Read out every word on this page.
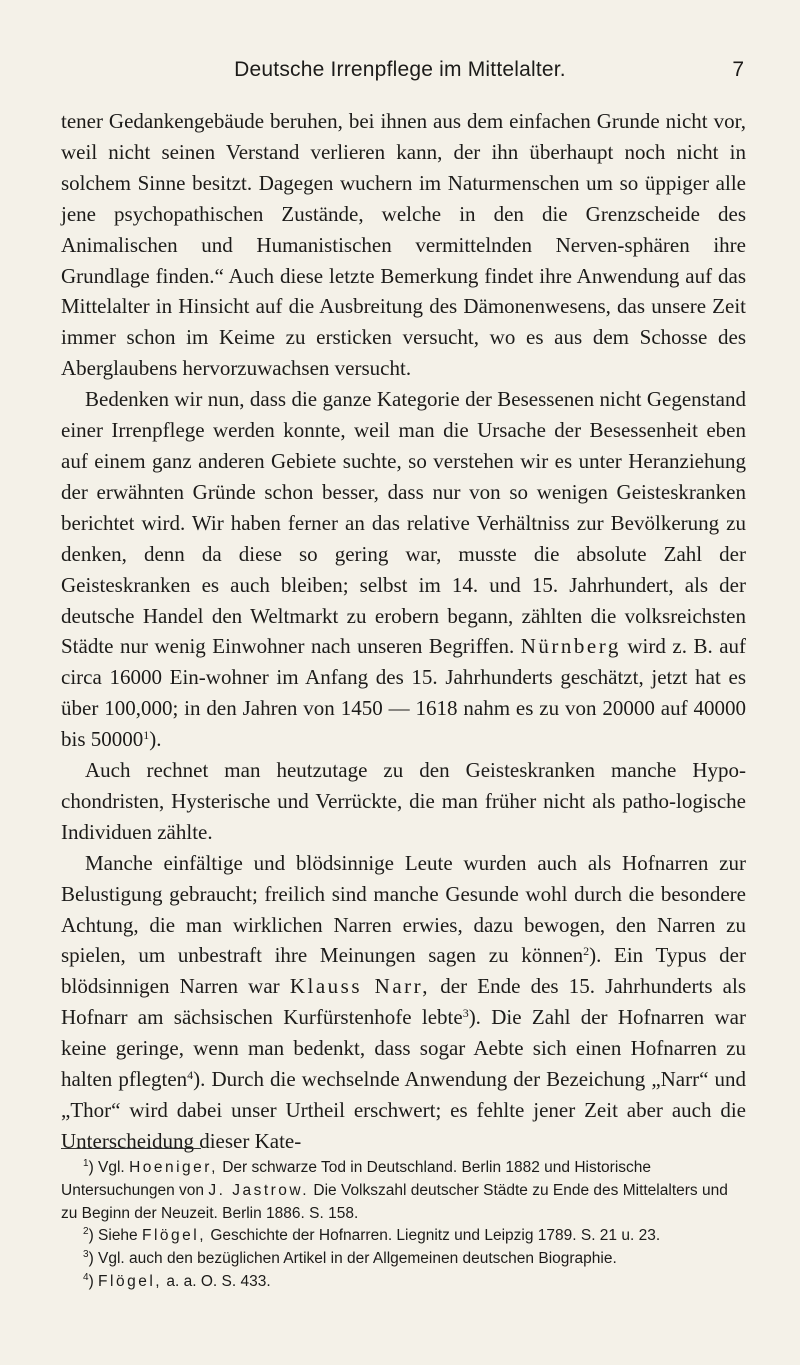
Deutsche Irrenpflege im Mittelalter.	7

tener Gedankengebäude beruhen, bei ihnen aus dem einfachen Grunde nicht vor, weil nicht seinen Verstand verlieren kann, der ihn überhaupt noch nicht in solchem Sinne besitzt. Dagegen wuchern im Naturmenschen um so üppiger alle jene psychopathischen Zustände, welche in den die Grenzscheide des Animalischen und Humanistischen vermittelnden Nerven-sphären ihre Grundlage finden.“ Auch diese letzte Bemerkung findet ihre Anwendung auf das Mittelalter in Hinsicht auf die Ausbreitung des Dämonenwesens, das unsere Zeit immer schon im Keime zu ersticken versucht, wo es aus dem Schosse des Aberglaubens hervorzuwachsen versucht.

Bedenken wir nun, dass die ganze Kategorie der Besessenen nicht Gegenstand einer Irrenpflege werden konnte, weil man die Ursache der Besessenheit eben auf einem ganz anderen Gebiete suchte, so verstehen wir es unter Heranziehung der erwähnten Gründe schon besser, dass nur von so wenigen Geisteskranken berichtet wird. Wir haben ferner an das relative Verhältniss zur Bevölkerung zu denken, denn da diese so gering war, musste die absolute Zahl der Geisteskranken es auch bleiben; selbst im 14. und 15. Jahrhundert, als der deutsche Handel den Weltmarkt zu erobern begann, zählten die volksreichsten Städte nur wenig Einwohner nach unseren Begriffen. Nürnberg wird z. B. auf circa 16000 Ein-wohner im Anfang des 15. Jahrhunderts geschätzt, jetzt hat es über 100,000; in den Jahren von 1450 — 1618 nahm es zu von 20000 auf 40000 bis 50000$^1$).

Auch rechnet man heutzutage zu den Geisteskranken manche Hypo-chondristen, Hysterische und Verrückte, die man früher nicht als patho-logische Individuen zählte.

Manche einfältige und blödsinnige Leute wurden auch als Hofnarren zur Belustigung gebraucht; freilich sind manche Gesunde wohl durch die besondere Achtung, die man wirklichen Narren erwies, dazu bewogen, den Narren zu spielen, um unbestraft ihre Meinungen sagen zu können$^2$). Ein Typus der blödsinnigen Narren war Klauss Narr, der Ende des 15. Jahrhunderts als Hofnarr am sächsischen Kurfürstenhofe lebte$^3$). Die Zahl der Hofnarren war keine geringe, wenn man bedenkt, dass sogar Aebte sich einen Hofnarren zu halten pflegten$^4$). Durch die wechselnde Anwendung der Bezeichung „Narr“ und „Thor“ wird dabei unser Urtheil erschwert; es fehlte jener Zeit aber auch die Unterscheidung dieser Kate-

$^1$) Vgl. Hoeniger, Der schwarze Tod in Deutschland. Berlin 1882 und Historische Untersuchungen von J. Jastrow. Die Volkszahl deutscher Städte zu Ende des Mittelalters und zu Beginn der Neuzeit. Berlin 1886. S. 158.

$^2$) Siehe Flögel, Geschichte der Hofnarren. Liegnitz und Leipzig 1789. S. 21 u. 23.

$^3$) Vgl. auch den bezüglichen Artikel in der Allgemeinen deutschen Biographie.

$^4$) Flögel, a. a. O. S. 433.
